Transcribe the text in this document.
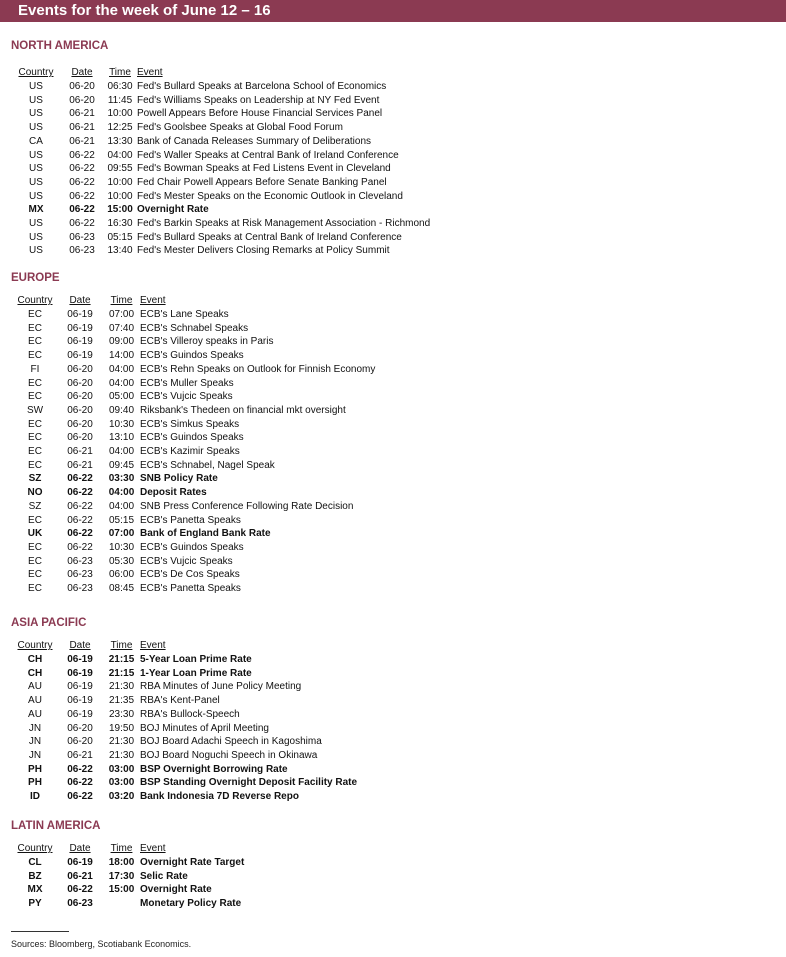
Events for the week of June 12 – 16
NORTH AMERICA
Country	Date	Time	Event
US	06-20	06:30	Fed's Bullard Speaks at Barcelona School of Economics
US	06-20	11:45	Fed's Williams Speaks on Leadership at NY Fed Event
US	06-21	10:00	Powell Appears Before House Financial Services Panel
US	06-21	12:25	Fed's Goolsbee Speaks at Global Food Forum
CA	06-21	13:30	Bank of Canada Releases Summary of Deliberations
US	06-22	04:00	Fed's Waller Speaks at Central Bank of Ireland Conference
US	06-22	09:55	Fed's Bowman Speaks at Fed Listens Event in Cleveland
US	06-22	10:00	Fed Chair Powell Appears Before Senate Banking Panel
US	06-22	10:00	Fed's Mester Speaks on the Economic Outlook in Cleveland
MX	06-22	15:00	Overnight Rate
US	06-22	16:30	Fed's Barkin Speaks at Risk Management Association - Richmond
US	06-23	05:15	Fed's Bullard Speaks at Central Bank of Ireland Conference
US	06-23	13:40	Fed's Mester Delivers Closing Remarks at Policy Summit
EUROPE
Country	Date	Time	Event
EC	06-19	07:00	ECB's Lane Speaks
EC	06-19	07:40	ECB's Schnabel Speaks
EC	06-19	09:00	ECB's Villeroy speaks in Paris
EC	06-19	14:00	ECB's Guindos Speaks
FI	06-20	04:00	ECB's Rehn Speaks on Outlook for Finnish Economy
EC	06-20	04:00	ECB's Muller Speaks
EC	06-20	05:00	ECB's Vujcic Speaks
SW	06-20	09:40	Riksbank's Thedeen on financial mkt oversight
EC	06-20	10:30	ECB's Simkus Speaks
EC	06-20	13:10	ECB's Guindos Speaks
EC	06-21	04:00	ECB's Kazimir Speaks
EC	06-21	09:45	ECB's Schnabel, Nagel Speak
SZ	06-22	03:30	SNB Policy Rate
NO	06-22	04:00	Deposit Rates
SZ	06-22	04:00	SNB Press Conference Following Rate Decision
EC	06-22	05:15	ECB's Panetta Speaks
UK	06-22	07:00	Bank of England Bank Rate
EC	06-22	10:30	ECB's Guindos Speaks
EC	06-23	05:30	ECB's Vujcic Speaks
EC	06-23	06:00	ECB's De Cos Speaks
EC	06-23	08:45	ECB's Panetta Speaks
ASIA PACIFIC
Country	Date	Time	Event
CH	06-19	21:15	5-Year Loan Prime Rate
CH	06-19	21:15	1-Year Loan Prime Rate
AU	06-19	21:30	RBA Minutes of June Policy Meeting
AU	06-19	21:35	RBA's Kent-Panel
AU	06-19	23:30	RBA's Bullock-Speech
JN	06-20	19:50	BOJ Minutes of April Meeting
JN	06-20	21:30	BOJ Board Adachi Speech in Kagoshima
JN	06-21	21:30	BOJ Board Noguchi Speech in Okinawa
PH	06-22	03:00	BSP Overnight Borrowing Rate
PH	06-22	03:00	BSP Standing Overnight Deposit Facility Rate
ID	06-22	03:20	Bank Indonesia 7D Reverse Repo
LATIN AMERICA
Country	Date	Time	Event
CL	06-19	18:00	Overnight Rate Target
BZ	06-21	17:30	Selic Rate
MX	06-22	15:00	Overnight Rate
PY	06-23		Monetary Policy Rate
Sources: Bloomberg, Scotiabank Economics.
